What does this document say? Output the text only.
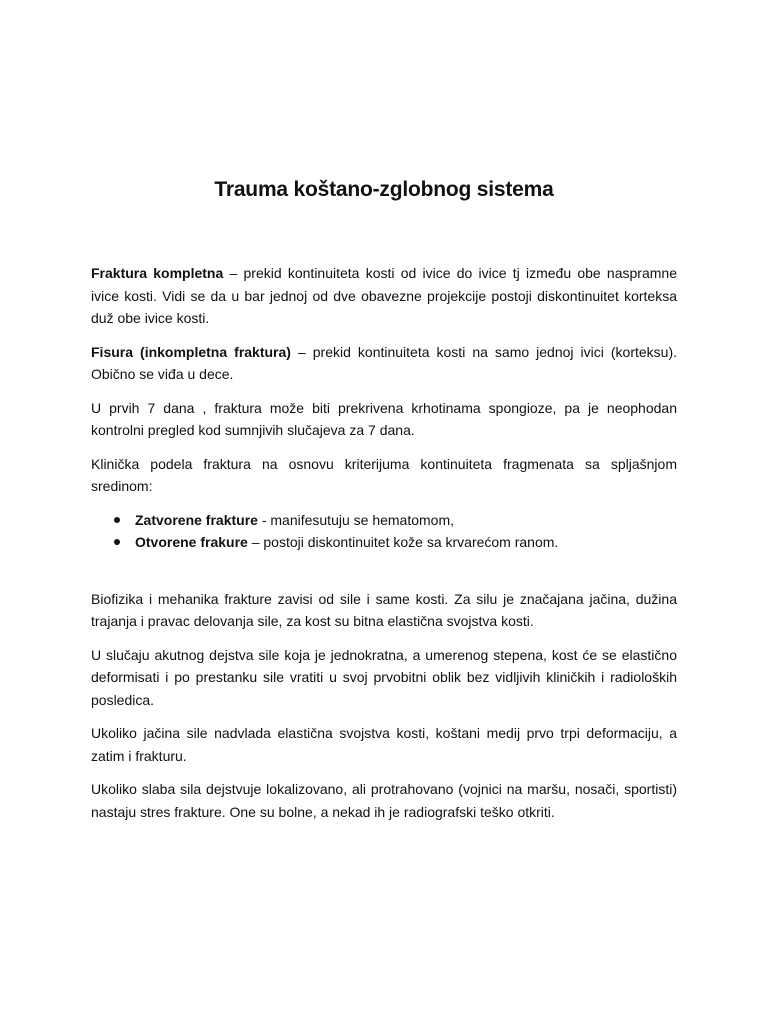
Trauma koštano-zglobnog sistema

Fraktura kompletna – prekid kontinuiteta kosti od ivice do ivice tj između obe naspramne ivice kosti. Vidi se da u bar jednoj od dve obavezne projekcije postoji diskontinuitet korteksa duž obe ivice kosti.

Fisura (inkompletna fraktura) – prekid kontinuiteta kosti na samo jednoj ivici (korteksu). Obično se viđa u dece.

U prvih 7 dana , fraktura može biti prekrivena krhotinama spongioze, pa je neophodan kontrolni pregled kod sumnjivih slučajeva za 7 dana.

Klinička podela fraktura na osnovu kriterijuma kontinuiteta fragmenata sa spljašnjom sredinom:

Zatvorene frakture - manifesutuju se hematomom,
Otvorene frakure – postoji diskontinuitet kože sa krvarećom ranom.

Biofizika i mehanika frakture zavisi od sile i same kosti. Za silu je značajana jačina, dužina trajanja i pravac delovanja sile, za kost su bitna elastična svojstva kosti.

U slučaju akutnog dejstva sile koja je jednokratna, a umerenog stepena, kost će se elastično deformisati i po prestanku sile vratiti u svoj prvobitni oblik bez vidljivih kliničkih i radioloških posledica.

Ukoliko jačina sile nadvlada elastična svojstva kosti, koštani medij prvo trpi deformaciju, a zatim i frakturu.

Ukoliko slaba sila dejstvuje lokalizovano, ali protrahovano (vojnici na maršu, nosači, sportisti) nastaju stres frakture. One su bolne, a nekad ih je radiografski teško otkriti.
